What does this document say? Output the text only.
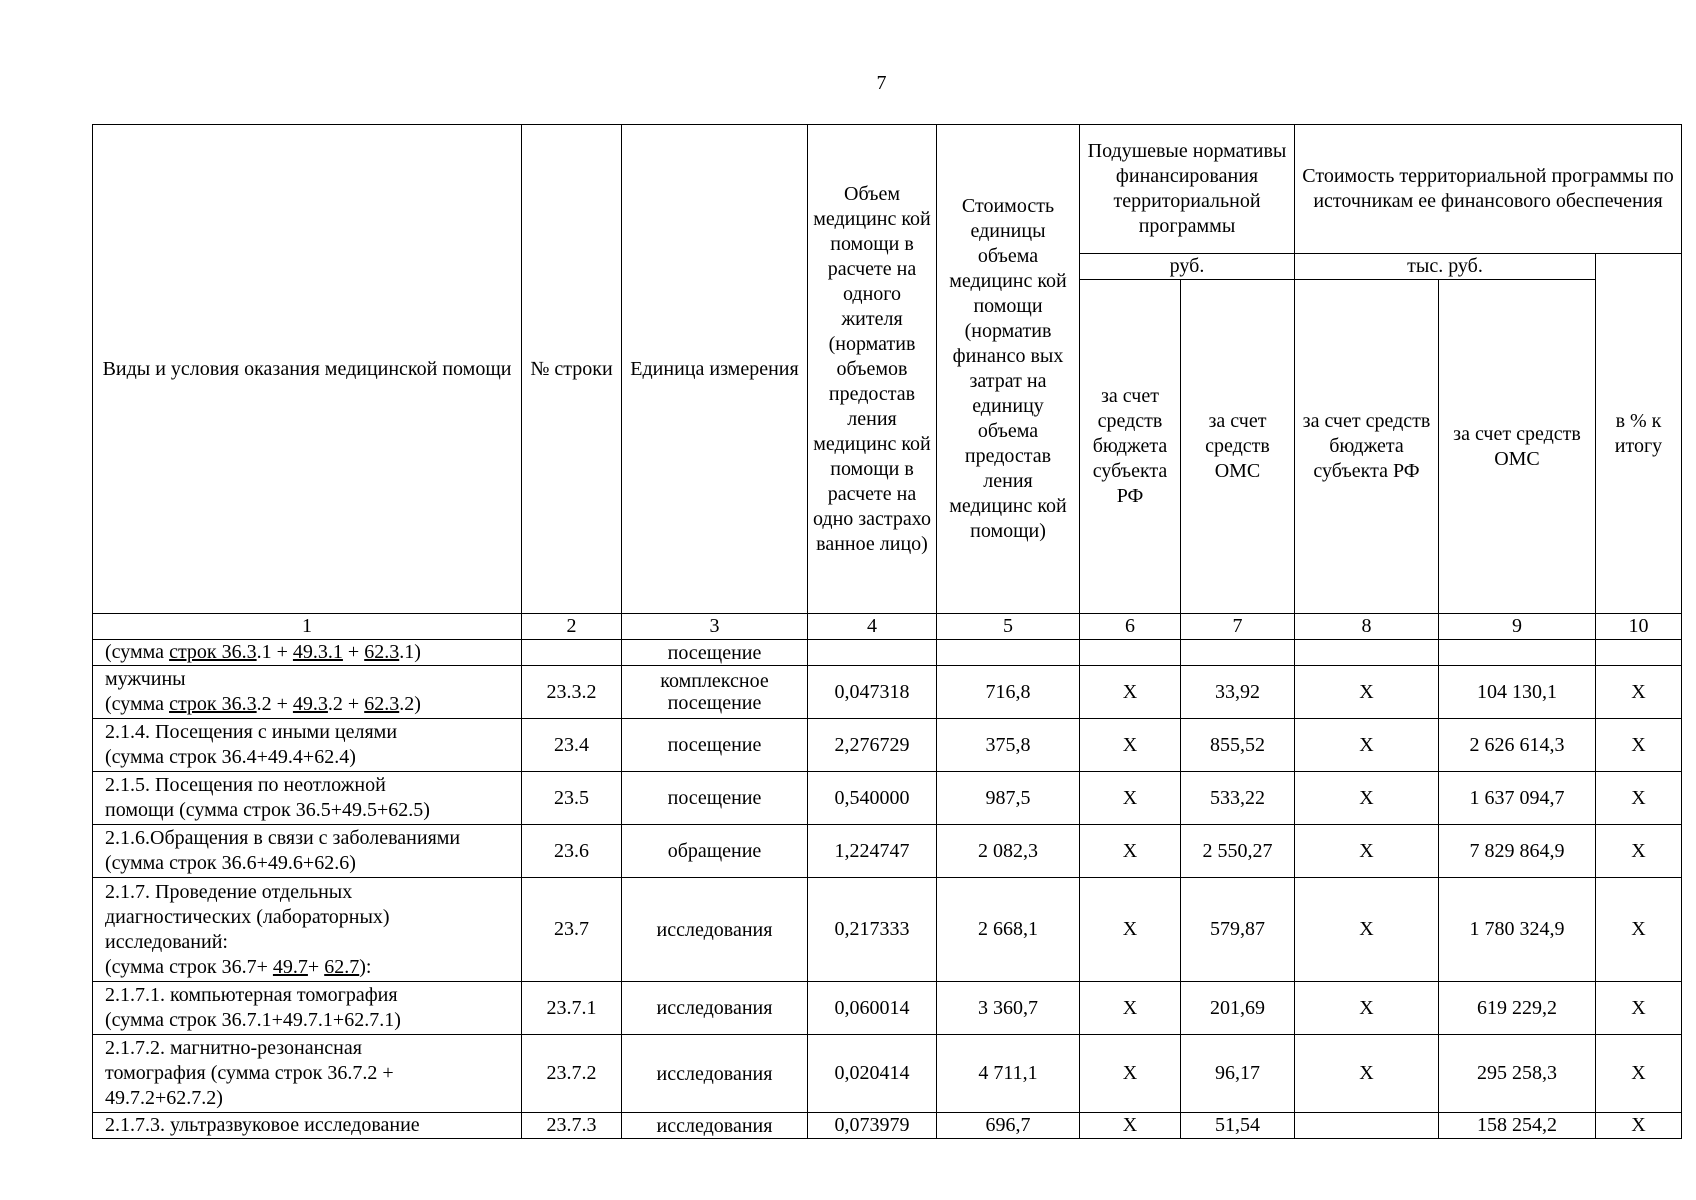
7
Виды и условия оказания медицинской помощи	№ строки	Единица измерения	Объем медицинс кой помощи в расчете на одного жителя (норматив объемов предостав ления медицинс кой помощи в расчете на одно застрахо ванное лицо)	Стоимость единицы объема медицинс кой помощи (норматив финансо вых затрат на единицу объема предостав ления медицинс кой помощи)	Подушевые нормативы финансирования территориальной программы		Стоимость территориальной программы по источникам ее финансового обеспечения		
					руб.		тыс. руб.		в % к итогу
					за счет средств бюджета субъекта РФ	за счет средств ОМС	за счет средств бюджета субъекта РФ	за счет средств ОМС	
1	2	3	4	5	6	7	8	9	10
(сумма строк 36.3.1 + 49.3.1 + 62.3.1)		посещение							
мужчины
(сумма строк 36.3.2 + 49.3.2 + 62.3.2)	23.3.2	комплексное посещение	0,047318	716,8	Х	33,92	Х	104 130,1	Х
2.1.4. Посещения с иными целями
(сумма строк 36.4+49.4+62.4)	23.4	посещение	2,276729	375,8	Х	855,52	Х	2 626 614,3	Х
2.1.5. Посещения по неотложной
помощи (сумма строк 36.5+49.5+62.5)	23.5	посещение	0,540000	987,5	Х	533,22	Х	1 637 094,7	Х
2.1.6.Обращения в связи с заболеваниями
(сумма строк 36.6+49.6+62.6)	23.6	обращение	1,224747	2 082,3	Х	2 550,27	Х	7 829 864,9	Х
2.1.7. Проведение отдельных
диагностических (лабораторных)
исследований:
(сумма строк 36.7+ 49.7+ 62.7):	23.7	исследования	0,217333	2 668,1	Х	579,87	Х	1 780 324,9	Х
2.1.7.1. компьютерная томография
(сумма строк 36.7.1+49.7.1+62.7.1)	23.7.1	исследования	0,060014	3 360,7	Х	201,69	Х	619 229,2	Х
2.1.7.2. магнитно-резонансная
томография (сумма строк 36.7.2 +
49.7.2+62.7.2)	23.7.2	исследования	0,020414	4 711,1	Х	96,17	Х	295 258,3	Х
2.1.7.3. ультразвуковое исследование	23.7.3	исследования	0,073979	696,7	Х	51,54		158 254,2	Х
